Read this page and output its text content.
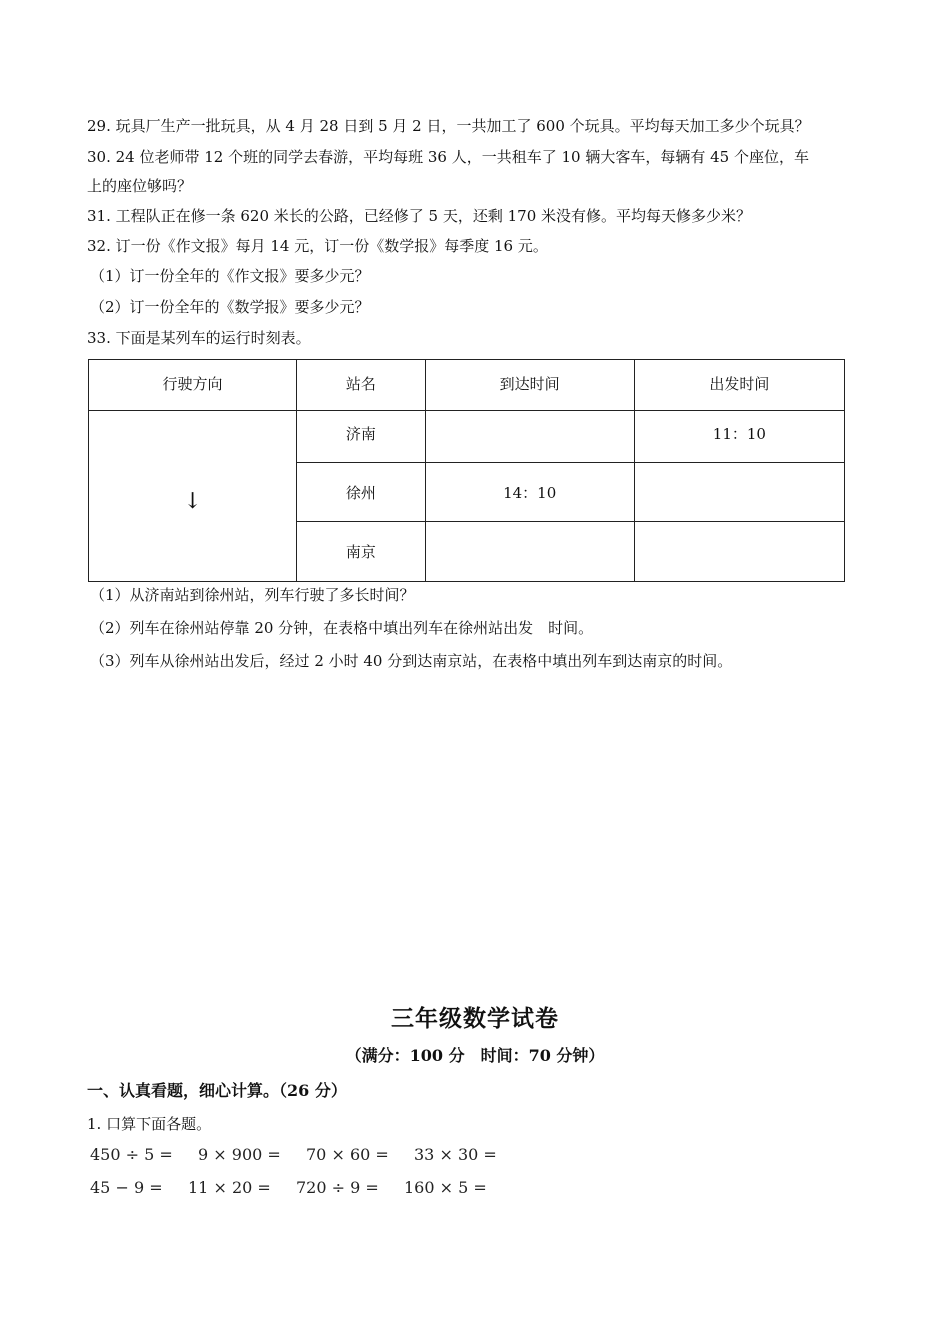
29. 玩具厂生产一批玩具，从 4 月 28 日到 5 月 2 日，一共加工了 600 个玩具。平均每天加工多少个玩具？
30. 24 位老师带 12 个班的同学去春游，平均每班 36 人，一共租车了 10 辆大客车，每辆有 45 个座位，车
上的座位够吗？
31. 工程队正在修一条 620 米长的公路，已经修了 5 天，还剩 170 米没有修。平均每天修多少米？
32. 订一份《作文报》每月 14 元，订一份《数学报》每季度 16 元。
（1）订一份全年的《作文报》要多少元？
（2）订一份全年的《数学报》要多少元？
33. 下面是某列车的运行时刻表。
行驶方向	站名	到达时间	出发时间
↓	济南		11：10
	徐州	14：10	
	南京		
（1）从济南站到徐州站，列车行驶了多长时间？
（2）列车在徐州站停靠 20 分钟，在表格中填出列车在徐州站出发　时间。
（3）列车从徐州站出发后，经过 2 小时 40 分到达南京站，在表格中填出列车到达南京的时间。
三年级数学试卷
（满分：100 分　时间：70 分钟）
一、认真看题，细心计算。（26 分）
1. 口算下面各题。
450 ÷ 5 = 9 × 900 = 70 × 60 = 33 × 30 =
45 − 9 = 11 × 20 = 720 ÷ 9 = 160 × 5 =
